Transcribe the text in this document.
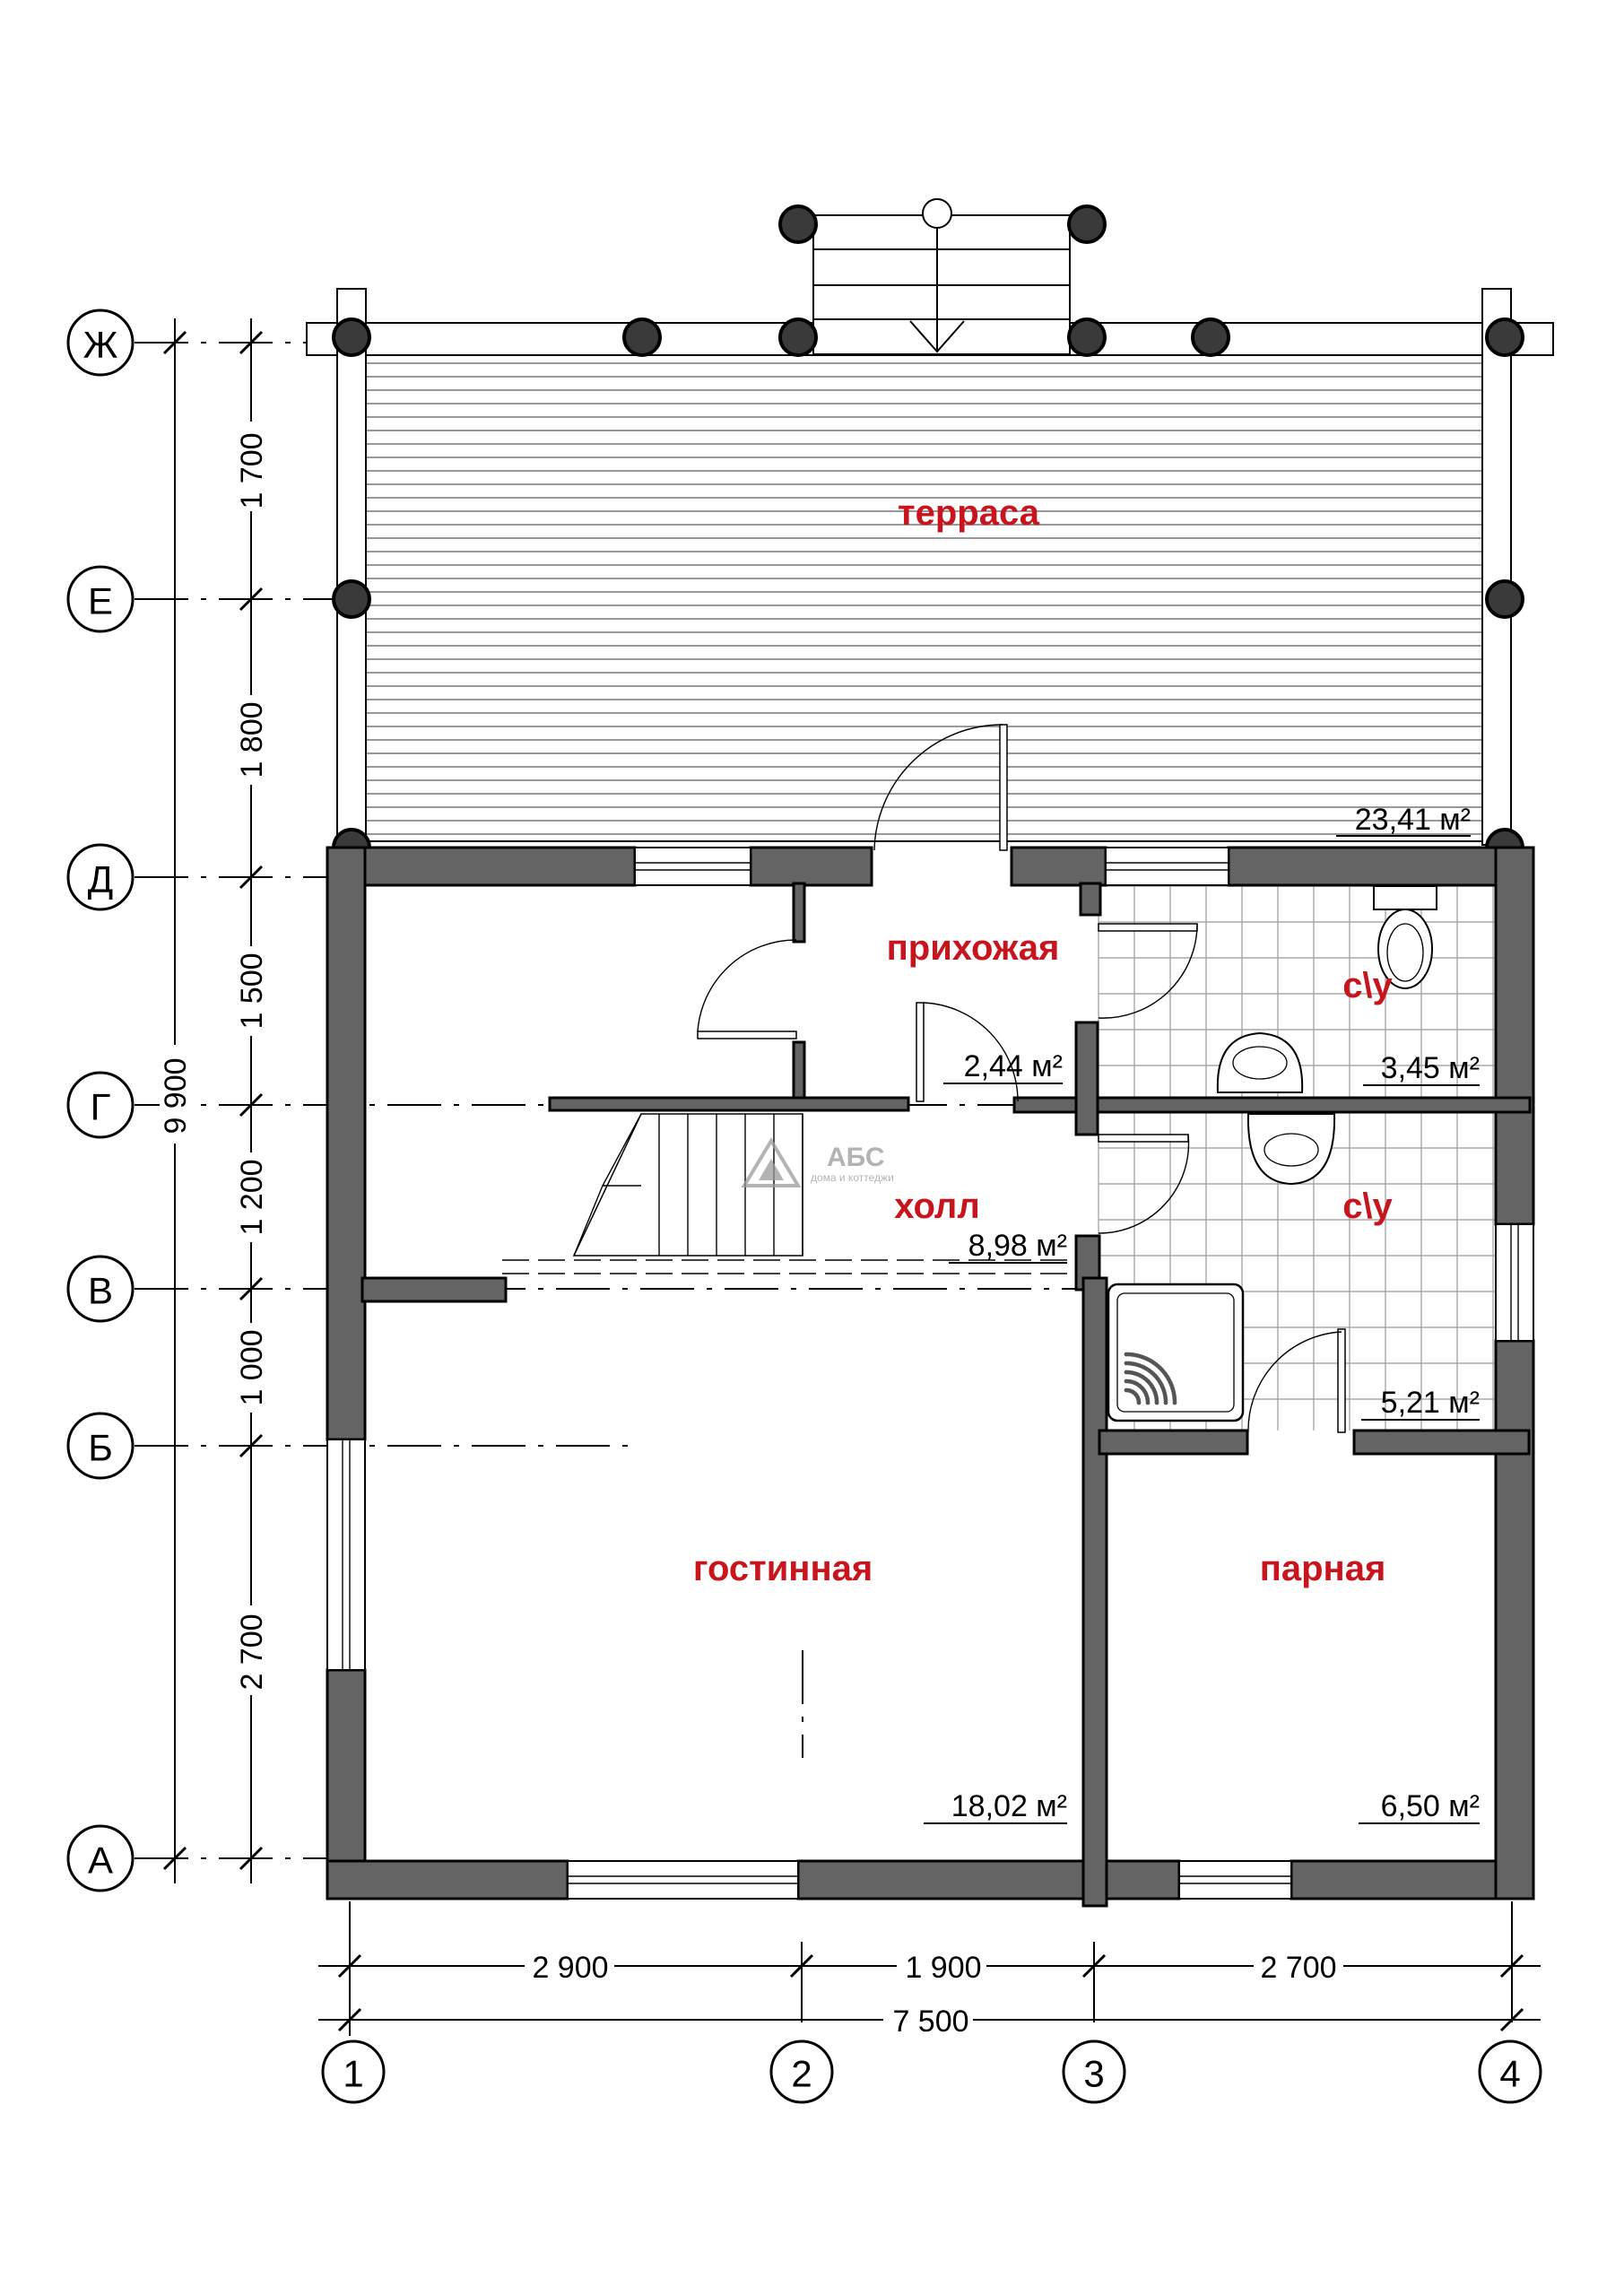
9 900
1 700
1 800
1 500
1 200
1 000
2 700
Ж
Е
Д
Г
В
Б
А
АБС
дома и коттеджи
терраса
23,41 м²
прихожая
2,44 м²
с\у
3,45 м²
холл
8,98 м²
с\у
5,21 м²
гостинная
18,02 м²
парная
6,50 м²
2 900	1 900	2 700
7 500
1	2	3	4
